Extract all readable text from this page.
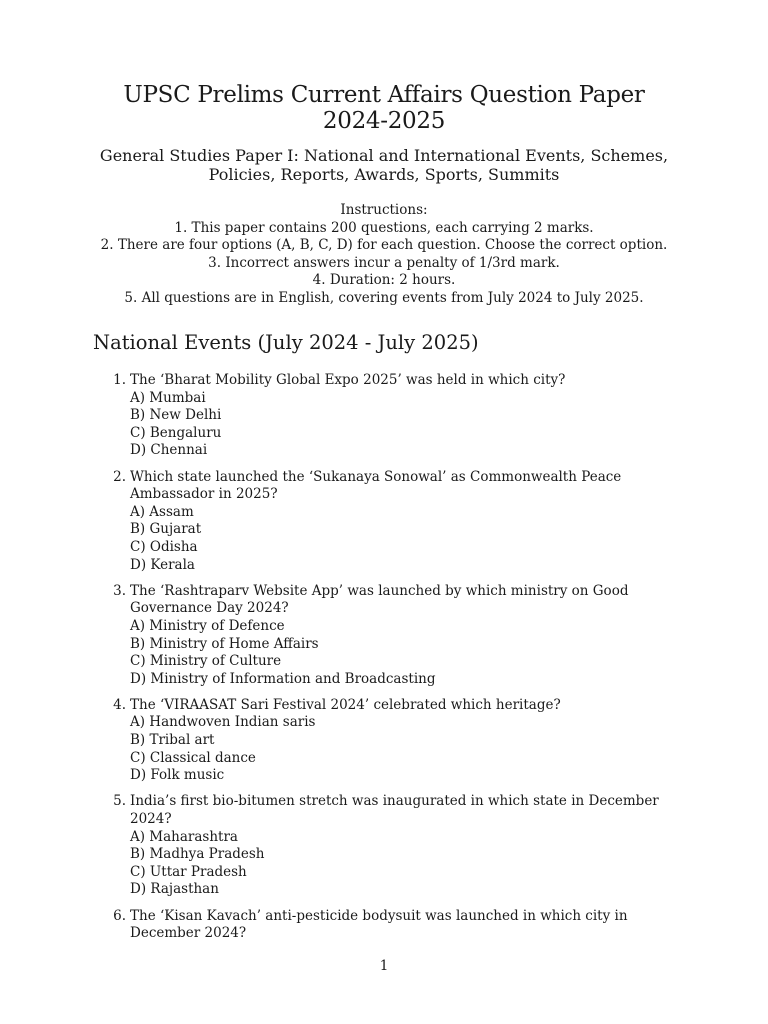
UPSC Prelims Current Affairs Question Paper
2024-2025
General Studies Paper I: National and International Events, Schemes,
Policies, Reports, Awards, Sports, Summits
Instructions:
1. This paper contains 200 questions, each carrying 2 marks.
2. There are four options (A, B, C, D) for each question. Choose the correct option.
3. Incorrect answers incur a penalty of 1/3rd mark.
4. Duration: 2 hours.
5. All questions are in English, covering events from July 2024 to July 2025.
National Events (July 2024 - July 2025)
1. The ‘Bharat Mobility Global Expo 2025’ was held in which city?
A) Mumbai
B) New Delhi
C) Bengaluru
D) Chennai
2. Which state launched the ‘Sukanaya Sonowal’ as Commonwealth Peace Ambassador in 2025?
A) Assam
B) Gujarat
C) Odisha
D) Kerala
3. The ‘Rashtraparv Website App’ was launched by which ministry on Good Governance Day 2024?
A) Ministry of Defence
B) Ministry of Home Affairs
C) Ministry of Culture
D) Ministry of Information and Broadcasting
4. The ‘VIRAASAT Sari Festival 2024’ celebrated which heritage?
A) Handwoven Indian saris
B) Tribal art
C) Classical dance
D) Folk music
5. India’s first bio-bitumen stretch was inaugurated in which state in December 2024?
A) Maharashtra
B) Madhya Pradesh
C) Uttar Pradesh
D) Rajasthan
6. The ‘Kisan Kavach’ anti-pesticide bodysuit was launched in which city in December 2024?
1
